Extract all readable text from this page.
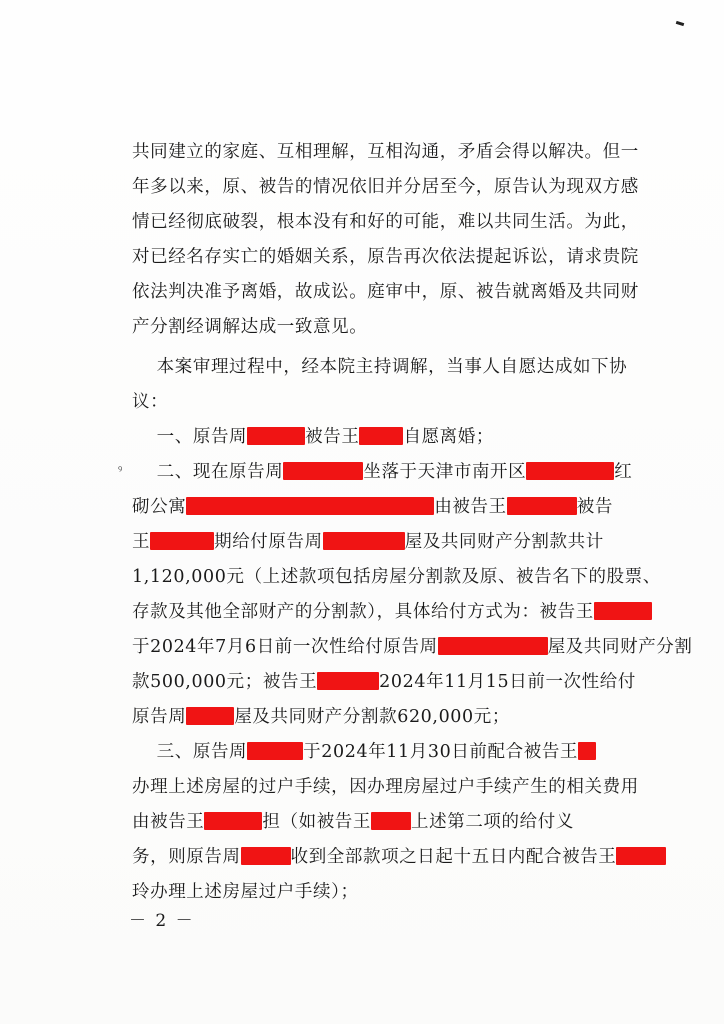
ꝰ
共同建立的家庭、互相理解，互相沟通，矛盾会得以解决。但一
年多以来，原、被告的情况依旧并分居至今，原告认为现双方感
情已经彻底破裂，根本没有和好的可能，难以共同生活。为此，
对已经名存实亡的婚姻关系，原告再次依法提起诉讼，请求贵院
依法判决准予离婚，故成讼。庭审中，原、被告就离婚及共同财
产分割经调解达成一致意见。
本案审理过程中，经本院主持调解，当事人自愿达成如下协
议：
一、原告周	被告王	自愿离婚；
二、现在原告周	坐落于天津市南开区	红
砌公寓	由被告王	被告
王	期给付原告周	屋及共同财产分割款共计
1,120,000元（上述款项包括房屋分割款及原、被告名下的股票、
存款及其他全部财产的分割款），具体给付方式为：被告王
于2024年7月6日前一次性给付原告周	屋及共同财产分割
款500,000元；被告王	2024年11月15日前一次性给付
原告周	屋及共同财产分割款620,000元；
三、原告周	于2024年11月30日前配合被告王
办理上述房屋的过户手续，因办理房屋过户手续产生的相关费用
由被告王	担（如被告王 上述第二项的给付义
务，则原告周	收到全部款项之日起十五日内配合被告王
玲办理上述房屋过户手续）；
－ 2 －
